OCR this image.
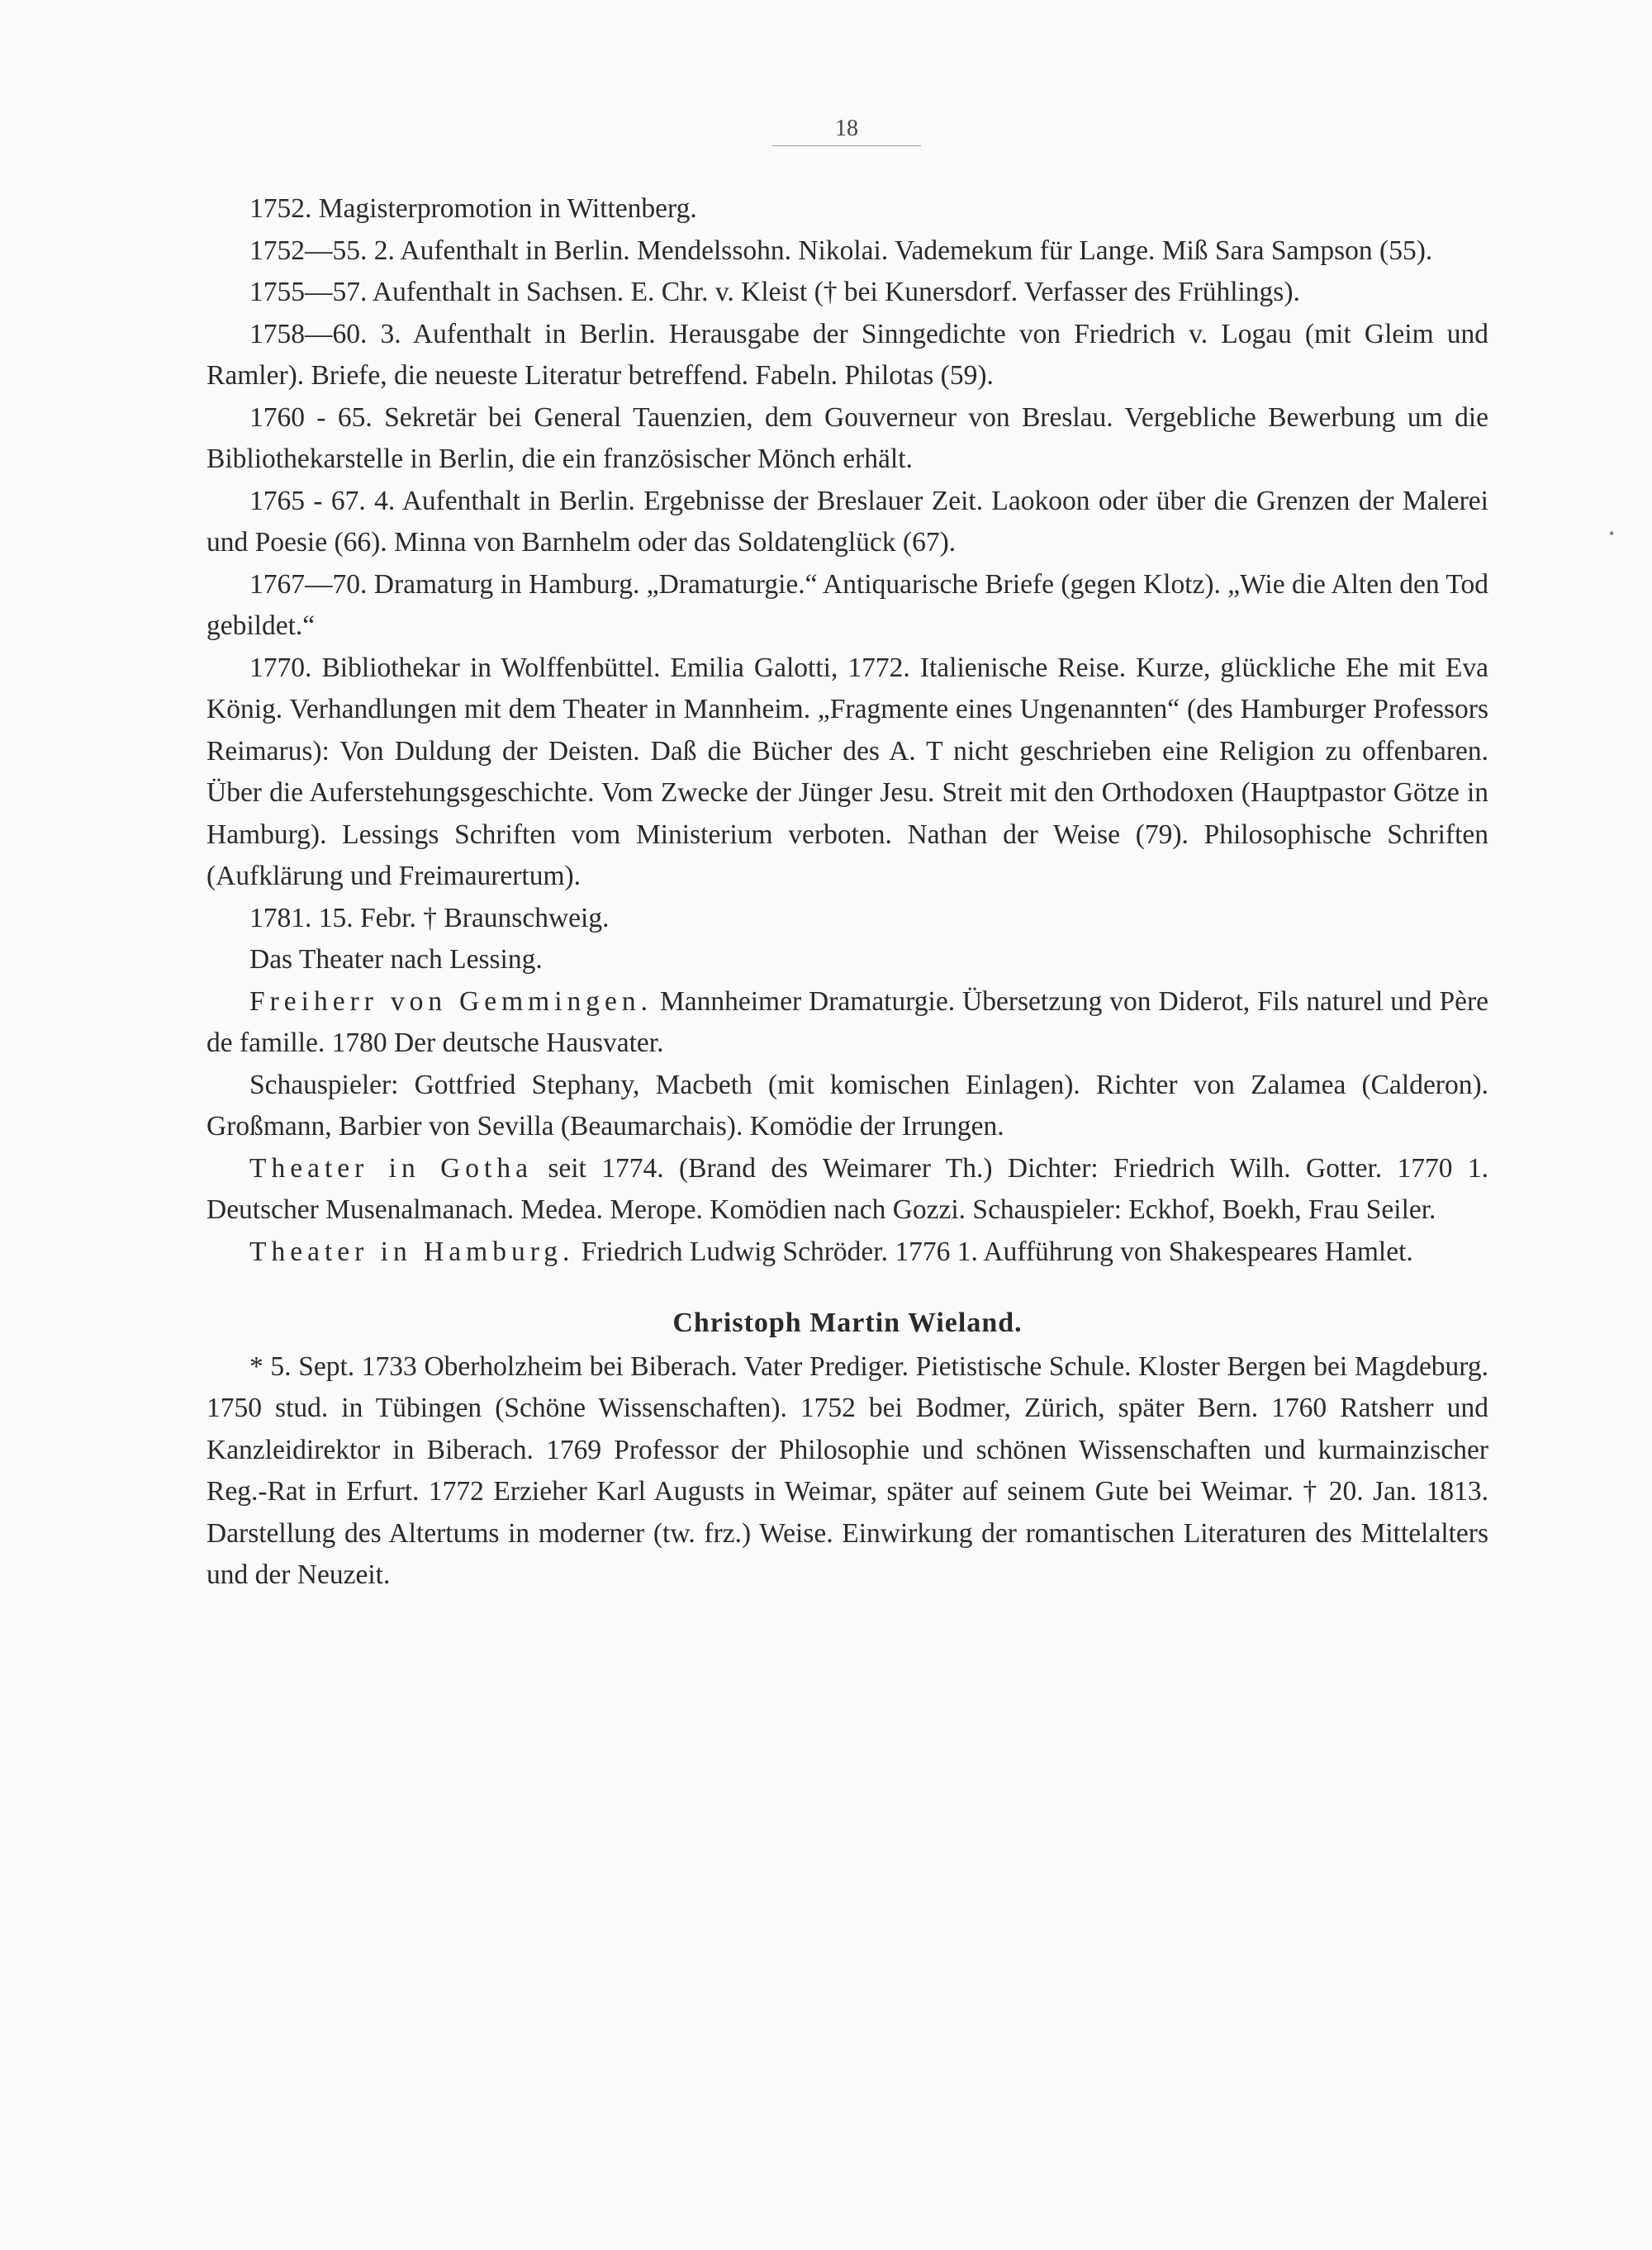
18
•

1752. Magisterpromotion in Wittenberg.

1752—55. 2. Aufenthalt in Berlin. Mendelssohn. Nikolai. Vademekum für Lange. Miß Sara Sampson (55).

1755—57. Aufenthalt in Sachsen. E. Chr. v. Kleist († bei Kunersdorf. Verfasser des Frühlings).

1758—60. 3. Aufenthalt in Berlin. Herausgabe der Sinngedichte von Friedrich v. Logau (mit Gleim und Ramler). Briefe, die neueste Literatur betreffend. Fabeln. Philotas (59).

1760 - 65. Sekretär bei General Tauenzien, dem Gouverneur von Breslau. Vergebliche Bewerbung um die Bibliothekarstelle in Berlin, die ein französischer Mönch erhält.

1765 - 67. 4. Aufenthalt in Berlin. Ergebnisse der Breslauer Zeit. Laokoon oder über die Grenzen der Malerei und Poesie (66). Minna von Barnhelm oder das Soldatenglück (67).

1767—70. Dramaturg in Hamburg. „Dramaturgie.“ Antiquarische Briefe (gegen Klotz). „Wie die Alten den Tod gebildet.“

1770. Bibliothekar in Wolffenbüttel. Emilia Galotti, 1772. Italienische Reise. Kurze, glückliche Ehe mit Eva König. Verhandlungen mit dem Theater in Mannheim. „Fragmente eines Ungenannten“ (des Hamburger Professors Reimarus): Von Duldung der Deisten. Daß die Bücher des A. T nicht geschrieben eine Religion zu offenbaren. Über die Auferstehungsgeschichte. Vom Zwecke der Jünger Jesu. Streit mit den Orthodoxen (Hauptpastor Götze in Hamburg). Lessings Schriften vom Ministerium verboten. Nathan der Weise (79). Philosophische Schriften (Aufklärung und Freimaurertum).

1781. 15. Febr. † Braunschweig.

Das Theater nach Lessing.

Freiherr von Gemmingen. Mannheimer Dramaturgie. Übersetzung von Diderot, Fils naturel und Père de famille. 1780 Der deutsche Hausvater.

Schauspieler: Gottfried Stephany, Macbeth (mit komischen Einlagen). Richter von Zalamea (Calderon). Großmann, Barbier von Sevilla (Beaumarchais). Komödie der Irrungen.

Theater in Gotha seit 1774. (Brand des Weimarer Th.) Dichter: Friedrich Wilh. Gotter. 1770 1. Deutscher Musenalmanach. Medea. Merope. Komödien nach Gozzi. Schauspieler: Eckhof, Boekh, Frau Seiler.

Theater in Hamburg. Friedrich Ludwig Schröder. 1776 1. Aufführung von Shakespeares Hamlet.

Christoph Martin Wieland.

* 5. Sept. 1733 Oberholzheim bei Biberach. Vater Prediger. Pietistische Schule. Kloster Bergen bei Magdeburg. 1750 stud. in Tübingen (Schöne Wissenschaften). 1752 bei Bodmer, Zürich, später Bern. 1760 Ratsherr und Kanzleidirektor in Biberach. 1769 Professor der Philosophie und schönen Wissenschaften und kurmainzischer Reg.-Rat in Erfurt. 1772 Erzieher Karl Augusts in Weimar, später auf seinem Gute bei Weimar. † 20. Jan. 1813. Darstellung des Altertums in moderner (tw. frz.) Weise. Einwirkung der romantischen Literaturen des Mittelalters und der Neuzeit.
